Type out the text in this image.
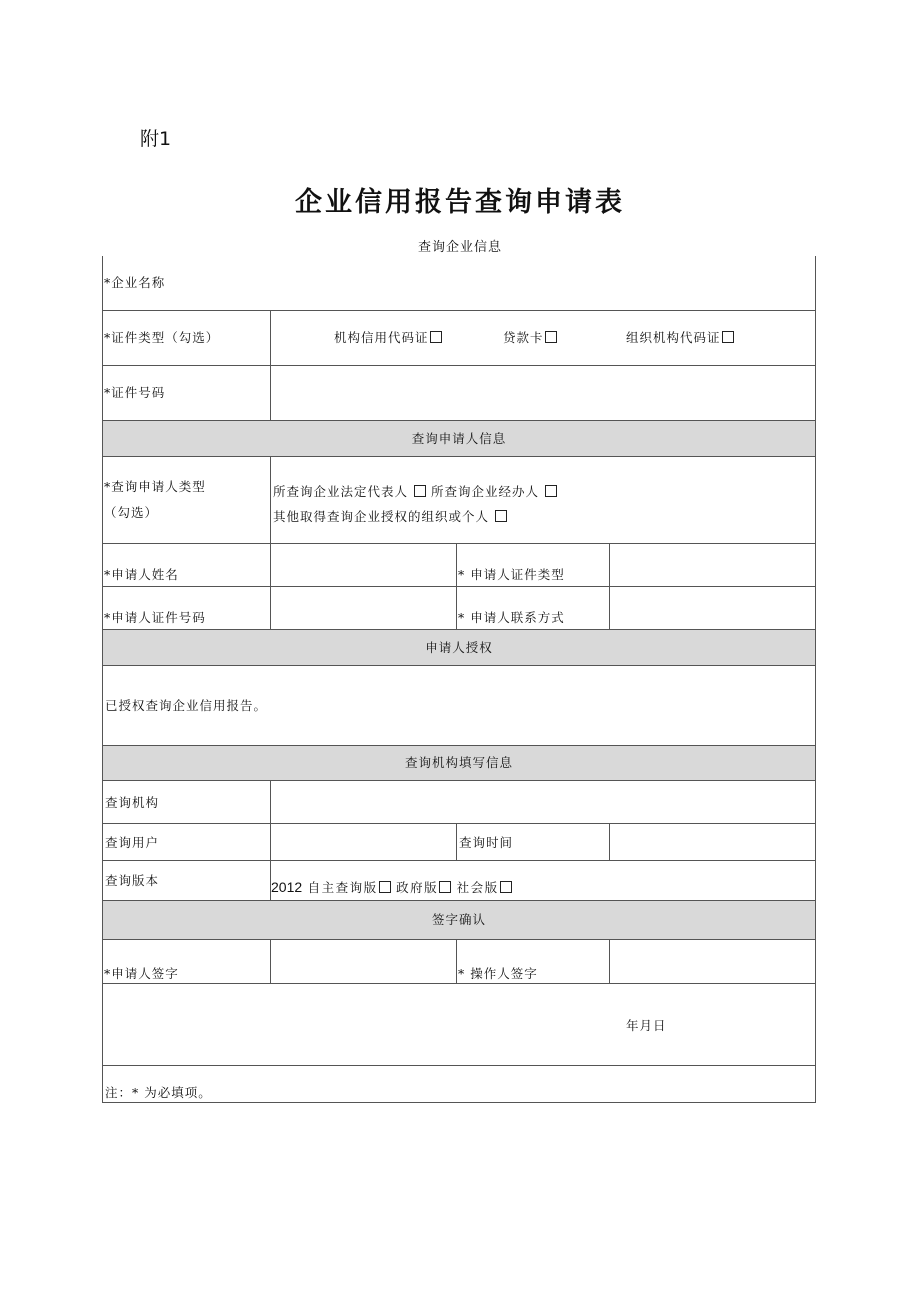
附1
企业信用报告查询申请表
查询企业信息
*企业名称
*证件类型（勾选）	机构信用代码证	贷款卡	组织机构代码证
*证件号码
查询申请人信息
*查询申请人类型
（勾选）
所查询企业法定代表人 所查询企业经办人
其他取得查询企业授权的组织或个人
*申请人姓名	* 申请人证件类型
*申请人证件号码	* 申请人联系方式
申请人授权
已授权查询企业信用报告。
查询机构填写信息
查询机构
查询用户	查询时间
查询版本	2012 自主查询版 政府版 社会版
签字确认
*申请人签字	* 操作人签字
年月日
注：* 为必填项。
